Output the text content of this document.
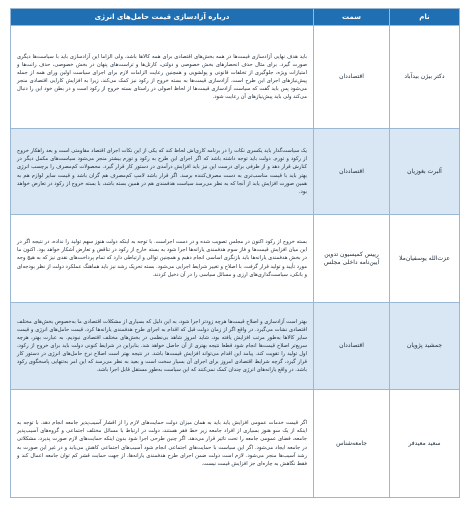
نام	سمت	درباره آزادسازی قیمت حامل‌های انرژی
دکتر بیژن بیدآباد	اقتصاددان	باید هدف نهایی آزادسازی قیمت‌ها در همه بخش‌های اقتصادی برای همه کالاها باشد، ولی الزاما این آزادسازی باید با سیاست‌ها دیگری صورت گیرد. برای مثال حذف انحصارهای بخش خصوصی و دولتی، کارتل‌ها و تراست‌های پنهان در بخش خصوصی، حذف رانت‌ها و امتیازات ویژه، جلوگیری از تخلفات قانونی و پولشویی و همچنین رعایت الزامات لازم برای اجرای سیاست اولین ورای همه از جمله پیش‌نیازهای اجرای این طرح است. آزادسازی قیمت‌ها به بسته خروج از رکود نیز کمک می‌کند، زیرا به افزایش کارایی اقتصادی منجر می‌شود پس باید گفت که سیاست آزادسازی قیمت‌ها از لحاظ اصولی در راستای بسته خروج از رکود است و در بطن خود این را دنبال می‌کند ولی باید پیش‌نیازهای آن رعایت شود.
آلبرت بغوزیان	اقتصاددان	یک سیاست‌گذار باید یکسری نکات را در برنامه کاری‌اش لحاظ کند که یکی از این نکات اجرای اقتصاد مقاومتی است و بعد راهکار خروج از رکود و تورم. دولت باید توجه داشته باشد که اگر اجرای این طرح به رکود و تورم بیشتر منجر می‌شود سیاست‌های مکمل دیگر در کنارش قرار دهد و از طرفی برای درست این نیز باید افزایش درآمدی در دستور کار قرار گیرد. محصولات کم‌مصرف را برچسب انرژی بهتر باید با قیمت مناسب‌تری به دست مصرف‌کننده برسد. اگر قرار باشد لامپ کم‌مصرف هم گران باشد و قیمت سایر لوازم هم به همین صورت افزایش یابد از آنجا که به نظر می‌رسد سیاست هدفمندی هم در همین بسته باشد، با بسته خروج از رکود در تعارض خواهد بود.
عزت‌الله یوسفیان‌ملا	رییس کمیسیون تدوین آیین‌نامه داخلی مجلس	بسته خروج از رکود اکنون در مجلس تصویب شده و در دست اجراست. با توجه به اینکه دولت هنوز سهم تولید را نداده، در نتیجه اگر در این میان افزایش قیمت‌ها و فاز سوم هدفمندی یارانه‌ها اجرا شود به بسته خارج از رکود در تناقض و تعارض آشکار خواهد بود. اکنون ما در بخش هدفمندی یارانه‌ها باید بازنگری اساسی انجام دهیم و همچنین توالی و ارتباطی دارد که تمام پرداخت‌های نقدی نیز که به هیچ وجه مورد تأیید و تولید قرار گرفت، با اصلاح و تغییر شرایط اجرایی می‌شود. بسته تحریک رشد نیز باید هماهنگ عملکرد دولت از نظر بودجه‌ای و بانکی، سیاست‌گذاری‌های ارزی و مسائل سیاسی را در آن دخیل کردند.
جمشید پژویان	اقتصاددان	بهتر است آزادسازی و اصلاح قیمت‌ها هرچه زودتر اجرا شود، به این دلیل که بسیاری از مشکلات اقتصادی ما به‌خصوص بخش‌های مختلف اقتصادی نشات می‌گیرد. در واقع اگر از زمان دولت قبل که اقدام به اجرای طرح هدفمندی یارانه‌ها کرد، قیمت حامل‌های انرژی و قیمت سایر کالاها به‌طور مرتب افزایش یافته بود، شاید امروز شاهد بی‌نظمی در بخش‌های مختلف اقتصادی نبودیم. به عبارت بهتر، هرچه سریع‌تر اصلاح قیمت‌ها انجام شود قطعا نتیجه بهتری از آن حاصل خواهد شد. بنابراین در شرایط کنونی دولت باید برای خروج از رکود، اول تولید را تقویت کند. پیامد این اقدام می‌تواند افزایش قیمت‌ها باشد. در نتیجه بهتر است اصلاح نرخ حامل‌های انرژی در دستور کار قرار گیرد، گرچه شرایط اقتصادی امروز برای اجرای آن بسیار سخت است و بعید به نظر می‌رسد که این امر به‌تنهایی پاسخگوی رکود باشد. در واقع یارانه‌های انرژی چندان کمک نمی‌کنند که این سیاست به‌طور مستقل قابل اجرا باشد.
سعید معیدفر	جامعه‌شناس	اگر قیمت خدمات عمومی افزایش یابد باید به همان میزان دولت حمایت‌های لازم را از اقشار آسیب‌پذیر جامعه انجام دهد. با توجه به اینکه از یک سو هنوز بسیاری از افراد جامعه زیر خط فقر هستند، دولت در ارتباط با مسائل مختلف اجتماعی و گروه‌های آسیب‌پذیر جامعه، فضای عمومی جامعه را تحت تاثیر قرار می‌دهد. اگر چنین طرحی اجرا شود بدون اینکه حمایت‌های لازم صورت پذیرد، مشکلاتی در جامعه ایجاد می‌شود. اگر این سیاست با حمایت‌های اجتماعی انجام شود آسیب‌های اجتماعی کاهش می‌یابد و در غیر این صورت به رشد آسیب‌ها منجر می‌شود. لازم است دولت ضمن اجرای طرح هدفمندی یارانه‌ها، از جهت حمایت قشر کم توان جامعه اعمال کند و فقط نگاهش به چاره‌ای جز افزایش قیمت نیست.
